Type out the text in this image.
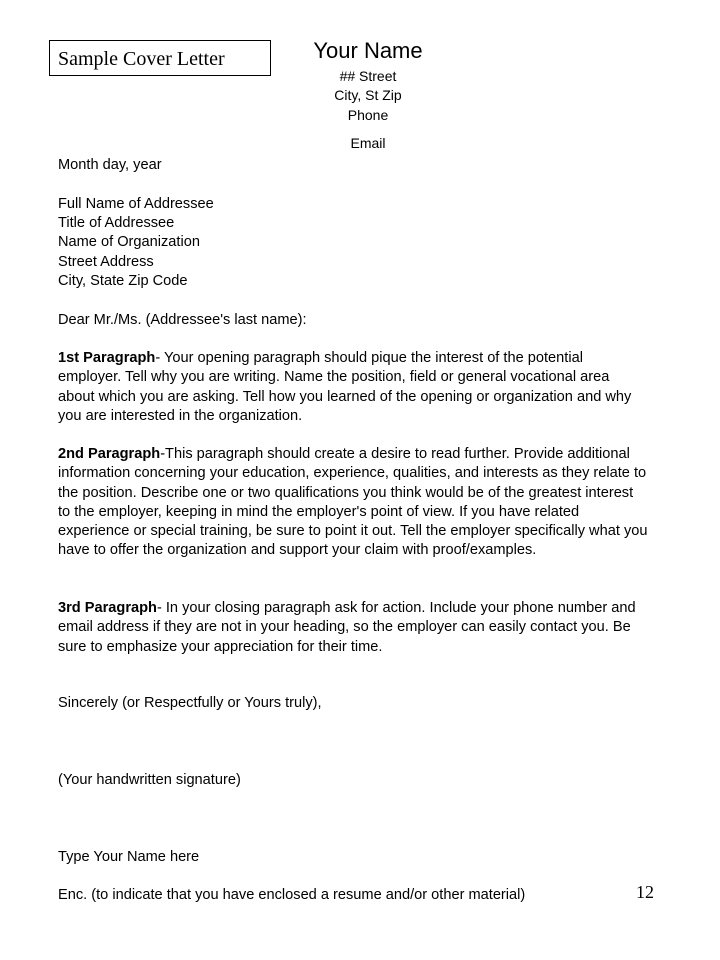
Sample Cover Letter	Your Name
## Street
City, St Zip
Phone
Email
Month day, year
Full Name of Addressee
Title of Addressee
Name of Organization
Street Address
City, State Zip Code
Dear Mr./Ms. (Addressee's last name):
1st Paragraph- Your opening paragraph should pique the interest of the potential employer. Tell why you are writing. Name the position, field or general vocational area about which you are asking. Tell how you learned of the opening or organization and why you are interested in the organization.
2nd Paragraph-This paragraph should create a desire to read further. Provide additional information concerning your education, experience, qualities, and interests as they relate to the position. Describe one or two qualifications you think would be of the greatest interest to the employer, keeping in mind the employer's point of view. If you have related experience or special training, be sure to point it out. Tell the employer specifically what you have to offer the organization and support your claim with proof/examples.
3rd Paragraph- In your closing paragraph ask for action. Include your phone number and email address if they are not in your heading, so the employer can easily contact you. Be sure to emphasize your appreciation for their time.
Sincerely (or Respectfully or Yours truly),
(Your handwritten signature)
Type Your Name here
Enc. (to indicate that you have enclosed a resume and/or other material)	12
